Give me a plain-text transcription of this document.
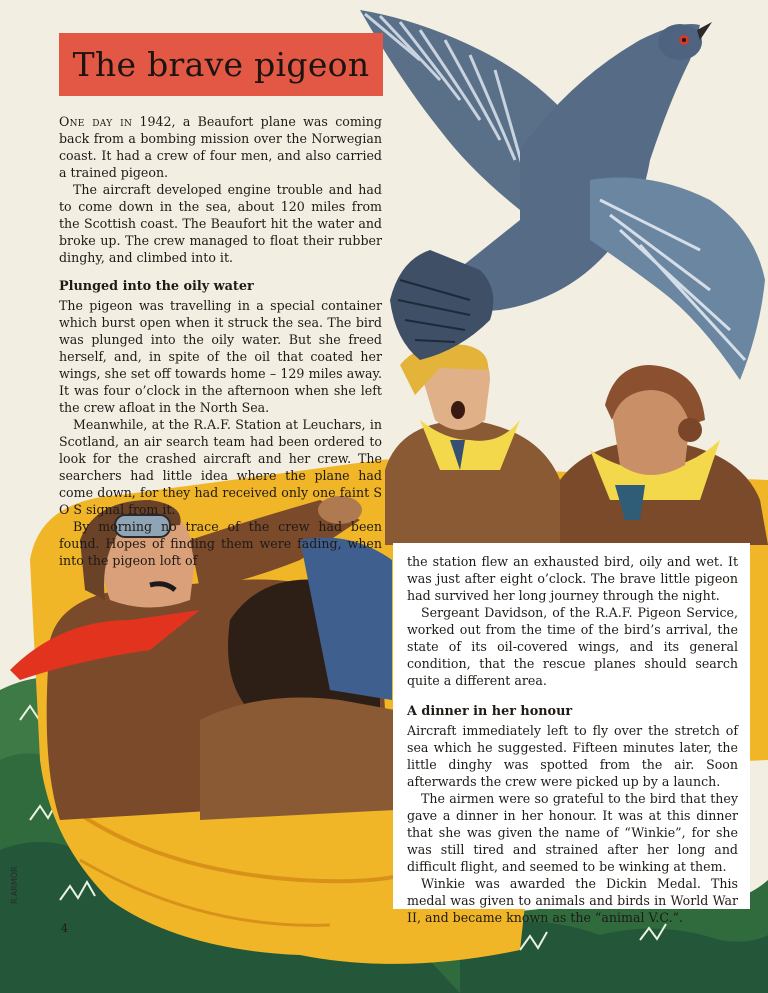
The brave pigeon

One day in 1942, a Beaufort plane was coming back from a bombing mission over the Norwegian coast. It had a crew of four men, and also carried a trained pigeon.

The aircraft developed engine trouble and had to come down in the sea, about 120 miles from the Scottish coast. The Beaufort hit the water and broke up. The crew managed to float their rubber dinghy, and climbed into it.

Plunged into the oily water

The pigeon was travelling in a special container which burst open when it struck the sea. The bird was plunged into the oily water. But she freed herself, and, in spite of the oil that coated her wings, she set off towards home – 129 miles away. It was four o’clock in the afternoon when she left the crew afloat in the North Sea.

Meanwhile, at the R.A.F. Station at Leuchars, in Scotland, an air search team had been ordered to look for the crashed aircraft and her crew. The searchers had little idea where the plane had come down, for they had received only one faint S O S signal from it.

By morning no trace of the crew had been found. Hopes of finding them were fading, when into the pigeon loft of	the station flew an exhausted bird, oily and wet. It was just after eight o’clock. The brave little pigeon had survived her long journey through the night.

Sergeant Davidson, of the R.A.F. Pigeon Service, worked out from the time of the bird’s arrival, the state of its oil-covered wings, and its general condition, that the rescue planes should search quite a different area.

A dinner in her honour

Aircraft immediately left to fly over the stretch of sea which he suggested. Fifteen minutes later, the little dinghy was spotted from the air. Soon afterwards the crew were picked up by a launch.

The airmen were so grateful to the bird that they gave a dinner in her honour. It was at this dinner that she was given the name of “Winkie”, for she was still tired and strained after her long and difficult flight, and seemed to be winking at them.

Winkie was awarded the Dickin Medal. This medal was given to animals and birds in World War II, and became known as the “animal V.C.”.

4
R.ARMOR
